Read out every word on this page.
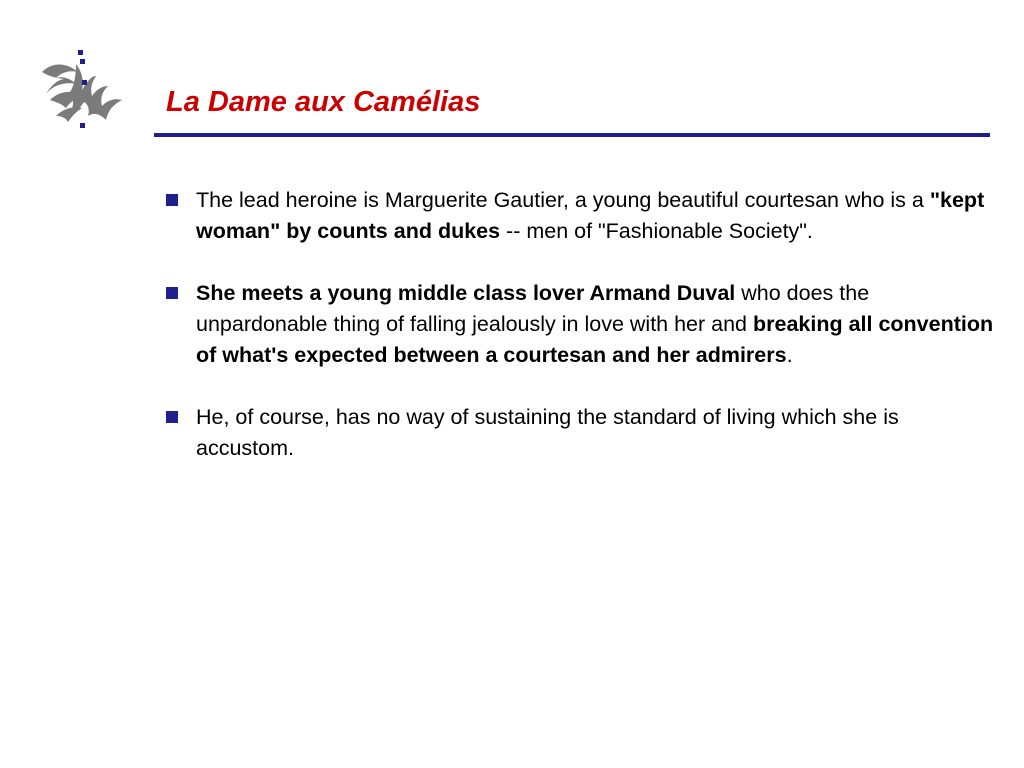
La Dame aux Camélias
The lead heroine is Marguerite Gautier, a young beautiful courtesan who is a "kept woman" by counts and dukes -- men of "Fashionable Society".
She meets a young middle class lover Armand Duval who does the unpardonable thing of falling jealously in love with her and breaking all convention of what's expected between a courtesan and her admirers.
He, of course, has no way of sustaining the standard of living which she is accustom.
